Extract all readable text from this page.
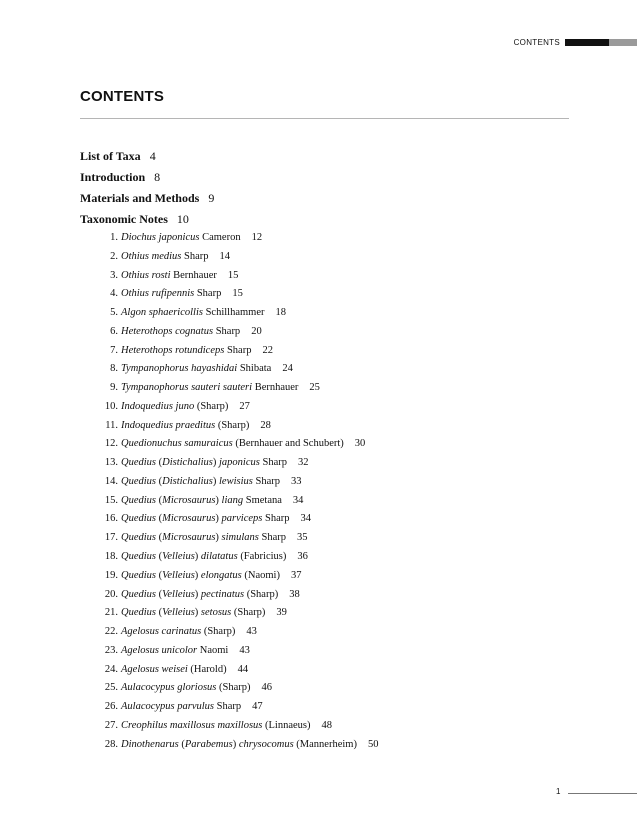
CONTENTS
CONTENTS
List of Taxa 4
Introduction 8
Materials and Methods 9
Taxonomic Notes 10
1. Diochus japonicus Cameron 12
2. Othius medius Sharp 14
3. Othius rosti Bernhauer 15
4. Othius rufipennis Sharp 15
5. Algon sphaericollis Schillhammer 18
6. Heterothops cognatus Sharp 20
7. Heterothops rotundiceps Sharp 22
8. Tympanophorus hayashidai Shibata 24
9. Tympanophorus sauteri sauteri Bernhauer 25
10. Indoquedius juno (Sharp) 27
11. Indoquedius praeditus (Sharp) 28
12. Quedionuchus samuraicus (Bernhauer and Schubert) 30
13. Quedius (Distichalius) japonicus Sharp 32
14. Quedius (Distichalius) lewisius Sharp 33
15. Quedius (Microsaurus) liang Smetana 34
16. Quedius (Microsaurus) parviceps Sharp 34
17. Quedius (Microsaurus) simulans Sharp 35
18. Quedius (Velleius) dilatatus (Fabricius) 36
19. Quedius (Velleius) elongatus (Naomi) 37
20. Quedius (Velleius) pectinatus (Sharp) 38
21. Quedius (Velleius) setosus (Sharp) 39
22. Agelosus carinatus (Sharp) 43
23. Agelosus unicolor Naomi 43
24. Agelosus weisei (Harold) 44
25. Aulacocypus gloriosus (Sharp) 46
26. Aulacocypus parvulus Sharp 47
27. Creophilus maxillosus maxillosus (Linnaeus) 48
28. Dinothenarus (Parabemus) chrysocomus (Mannerheim) 50
1
